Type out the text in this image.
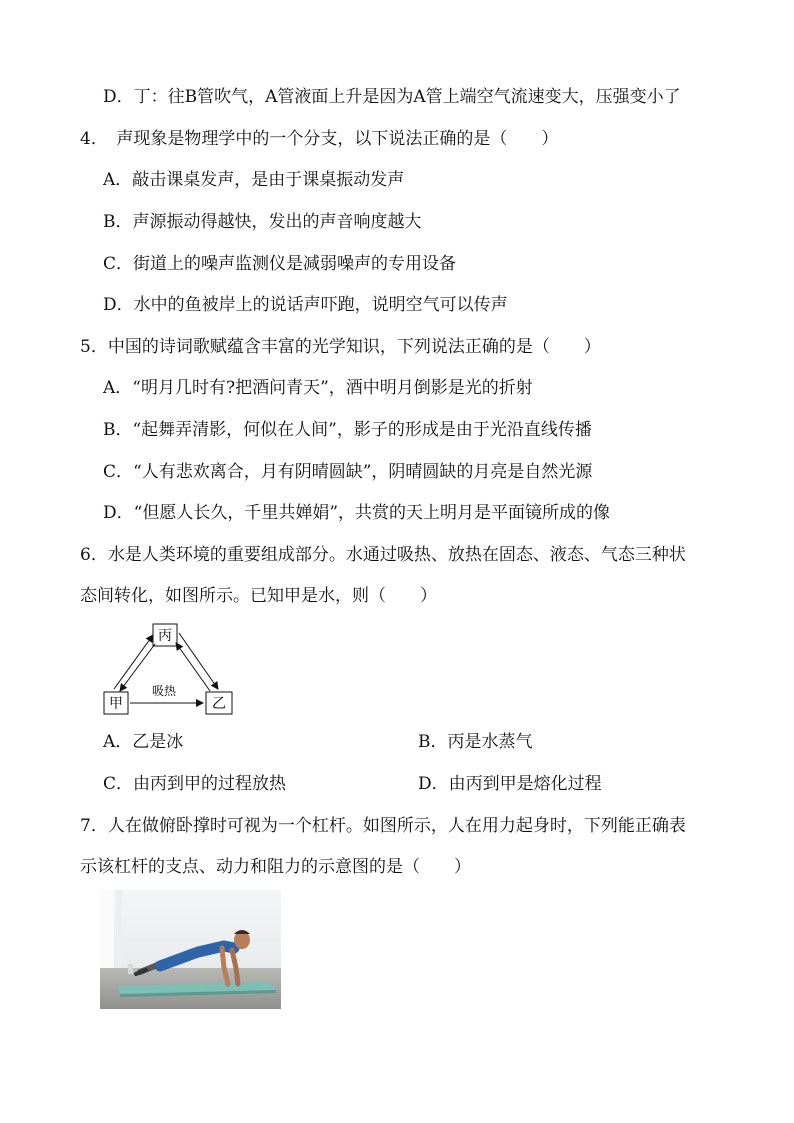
D．丁：往B管吹气，A管液面上升是因为A管上端空气流速变大，压强变小了
4．　声现象是物理学中的一个分支，以下说法正确的是（　　）
A．敲击课桌发声，是由于课桌振动发声
B．声源振动得越快，发出的声音响度越大
C．街道上的噪声监测仪是减弱噪声的专用设备
D．水中的鱼被岸上的说话声吓跑，说明空气可以传声
5．中国的诗词歌赋蕴含丰富的光学知识，下列说法正确的是（　　）
A．“明月几时有?把酒问青天”，酒中明月倒影是光的折射
B．“起舞弄清影，何似在人间”，影子的形成是由于光沿直线传播
C．“人有悲欢离合，月有阴晴圆缺”，阴晴圆缺的月亮是自然光源
D．“但愿人长久，千里共婵娟”，共赏的天上明月是平面镜所成的像
6．水是人类环境的重要组成部分。水通过吸热、放热在固态、液态、气态三种状
态间转化，如图所示。已知甲是水，则（　　）
丙
甲	乙
吸热
A．乙是冰	B．丙是水蒸气
C．由丙到甲的过程放热	D．由丙到甲是熔化过程
7．人在做俯卧撑时可视为一个杠杆。如图所示，人在用力起身时，下列能正确表
示该杠杆的支点、动力和阻力的示意图的是（　　）
